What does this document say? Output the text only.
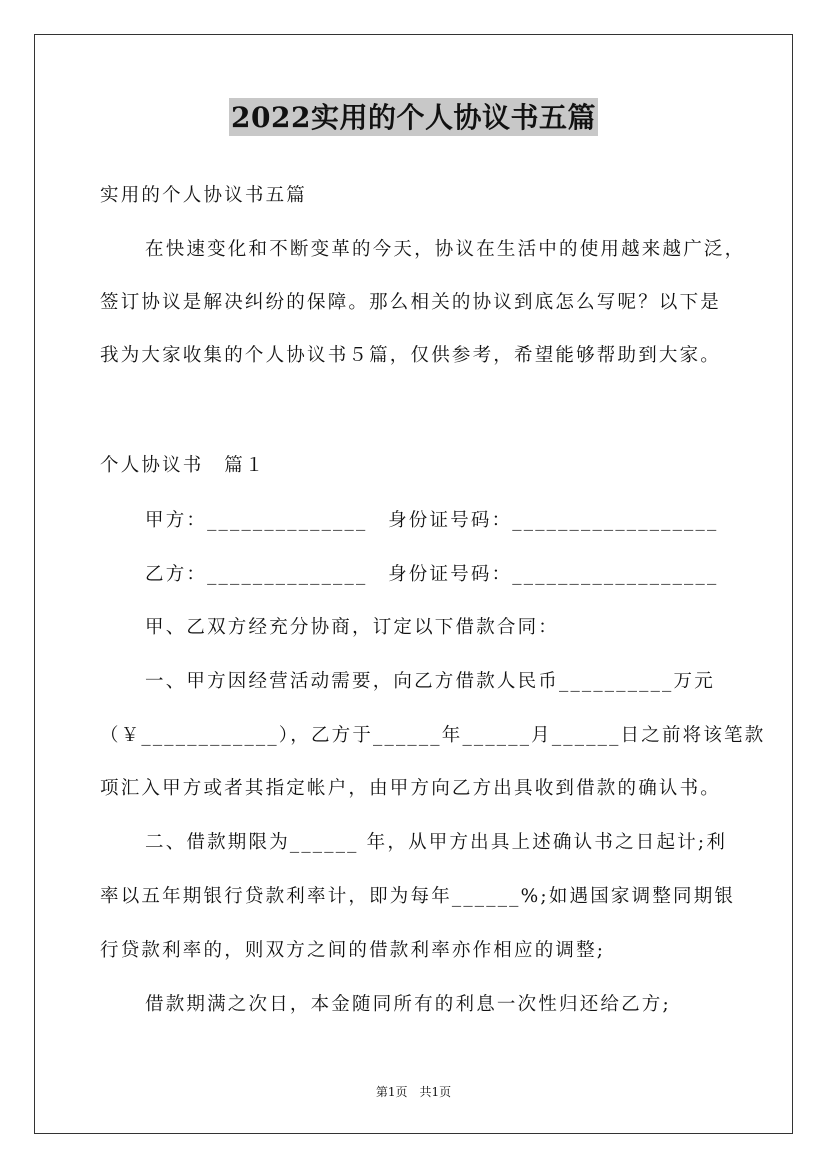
2022实用的个人协议书五篇
实用的个人协议书五篇
在快速变化和不断变革的今天，协议在生活中的使用越来越广泛，
签订协议是解决纠纷的保障。那么相关的协议到底怎么写呢？以下是
我为大家收集的个人协议书５篇，仅供参考，希望能够帮助到大家。
个人协议书　篇１
甲方：______________　身份证号码：__________________
乙方：______________　身份证号码：__________________
甲、乙双方经充分协商，订定以下借款合同：
一、甲方因经营活动需要，向乙方借款人民币__________万元
（￥____________），乙方于______年______月______日之前将该笔款
项汇入甲方或者其指定帐户，由甲方向乙方出具收到借款的确认书。
二、借款期限为______ 年，从甲方出具上述确认书之日起计;利
率以五年期银行贷款利率计，即为每年______%;如遇国家调整同期银
行贷款利率的，则双方之间的借款利率亦作相应的调整;
借款期满之次日，本金随同所有的利息一次性归还给乙方;
第1页　共1页
